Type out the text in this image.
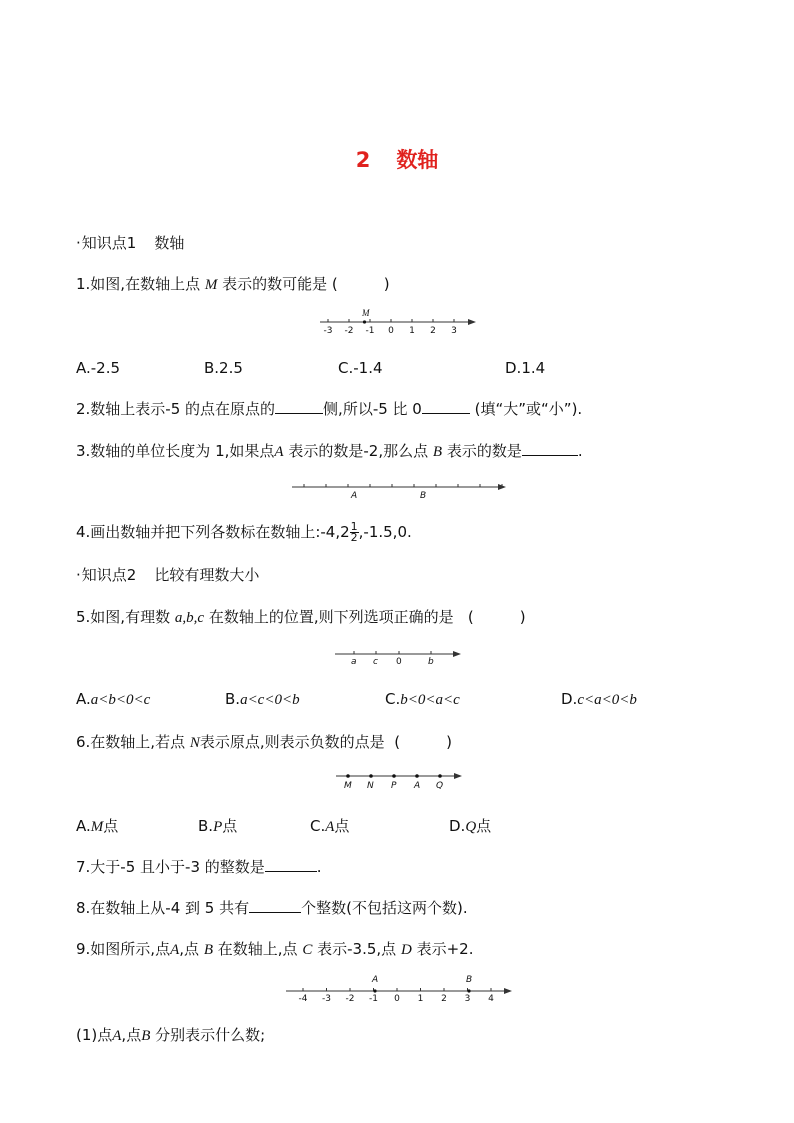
2 数轴
·知识点1 数轴
1.如图,在数轴上点 M 表示的数可能是 (	)
-3 -2 -1 0 1 2 3
M
A.-2.5	B.2.5	C.-1.4	D.1.4
2.数轴上表示-5 的点在原点的	侧,所以-5 比 0	(填“大”或“小”).
3.数轴的单位长度为 1,如果点A 表示的数是-2,那么点 B 表示的数是	.
A	B
4.画出数轴并把下列各数标在数轴上:-4,2 $\frac{1}{2} ,-1.5,0$.
·知识点2 比较有理数大小
5.如图,有理数 a,b,c 在数轴上的位置,则下列选项正确的是 (	)
a c 0	b
A.a<b<0<c	B.a<c<0<b	C.b<0<a<c	D.c<a<0<b
6.在数轴上,若点 N表示原点,则表示负数的点是 (	)
M N P A Q
A.M点	B.P点	C.A点	D.Q点
7.大于-5 且小于-3 的整数是	.
8.在数轴上从-4 到 5 共有	个整数(不包括这两个数).
9.如图所示,点A,点 B 在数轴上,点 C 表示-3.5,点 D 表示+2.
-4 -3 -2 -1 0 1 2 3 4
A	B
(1)点A,点B 分别表示什么数;
